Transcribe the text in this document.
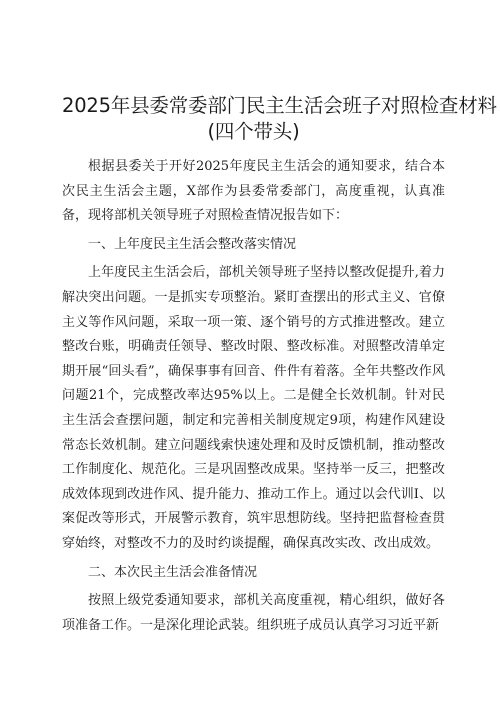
2025年县委常委部门民主生活会班子对照检查材料
(四个带头)

根据县委关于开好2025年度民主生活会的通知要求，结合本次民主生活会主题，X部作为县委常委部门，高度重视，认真准备，现将部机关领导班子对照检查情况报告如下：

一、上年度民主生活会整改落实情况

上年度民主生活会后，部机关领导班子坚持以整改促提升,着力解决突出问题。一是抓实专项整治。紧盯查摆出的形式主义、官僚主义等作风问题，采取一项一策、逐个销号的方式推进整改。建立整改台账，明确责任领导、整改时限、整改标准。对照整改清单定期开展“回头看”，确保事事有回音、件件有着落。全年共整改作风问题21个，完成整改率达95%以上。二是健全长效机制。针对民主生活会查摆问题，制定和完善相关制度规定9项，构建作风建设常态长效机制。建立问题线索快速处理和及时反馈机制，推动整改工作制度化、规范化。三是巩固整改成果。坚持举一反三，把整改成效体现到改进作风、提升能力、推动工作上。通过以会代训I、以案促改等形式，开展警示教育，筑牢思想防线。坚持把监督检查贯穿始终，对整改不力的及时约谈提醒，确保真改实改、改出成效。

二、本次民主生活会准备情况

按照上级党委通知要求，部机关高度重视，精心组织，做好各项准备工作。一是深化理论武装。组织班子成员认真学习习近平新
